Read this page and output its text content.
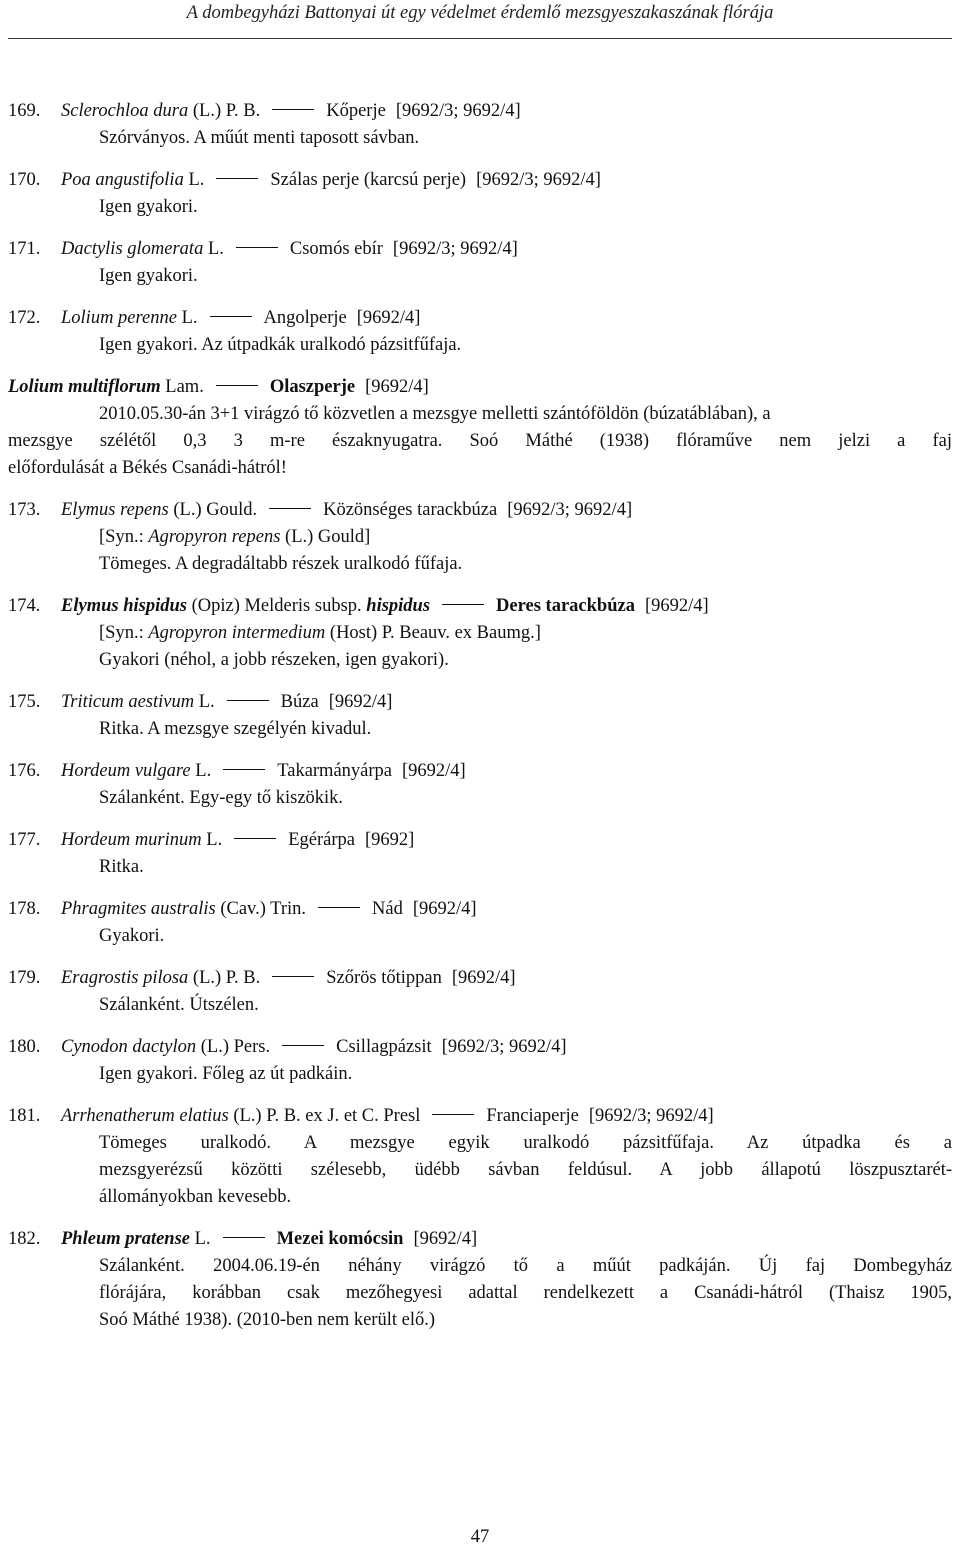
A dombegyházi Battonyai út egy védelmet érdemlő mezsgyeszakaszának flórája
169. Sclerochloa dura (L.) P. B.	Kőperje [9692/3; 9692/4]
Szórványos. A műút menti taposott sávban.
170. Poa angustifolia L.	Szálas perje (karcsú perje) [9692/3; 9692/4]
Igen gyakori.
171. Dactylis glomerata L.	Csomós ebír [9692/3; 9692/4]
Igen gyakori.
172. Lolium perenne L.	Angolperje [9692/4]
Igen gyakori. Az útpadkák uralkodó pázsitfűfaja.
Lolium multiflorum Lam.	Olaszperje [9692/4]
2010.05.30-án 3+1 virágzó tő közvetlen a mezsgye melletti szántóföldön (búzatáblában), a
mezsgye szélétől 0,3 3 m-re északnyugatra. Soó Máthé (1938) flóraműve nem jelzi a faj
előfordulását a Békés Csanádi-hátról!
173. Elymus repens (L.) Gould.	Közönséges tarackbúza [9692/3; 9692/4]
[Syn.: Agropyron repens (L.) Gould]
Tömeges. A degradáltabb részek uralkodó fűfaja.
174. Elymus hispidus (Opiz) Melderis subsp. hispidus	Deres tarackbúza [9692/4]
[Syn.: Agropyron intermedium (Host) P. Beauv. ex Baumg.]
Gyakori (néhol, a jobb részeken, igen gyakori).
175. Triticum aestivum L.	Búza [9692/4]
Ritka. A mezsgye szegélyén kivadul.
176. Hordeum vulgare L.	Takarmányárpa [9692/4]
Szálanként. Egy-egy tő kiszökik.
177. Hordeum murinum L.	Egérárpa [9692]
Ritka.
178. Phragmites australis (Cav.) Trin.	Nád [9692/4]
Gyakori.
179. Eragrostis pilosa (L.) P. B.	Szőrös tőtippan [9692/4]
Szálanként. Útszélen.
180. Cynodon dactylon (L.) Pers.	Csillagpázsit [9692/3; 9692/4]
Igen gyakori. Főleg az út padkáin.
181. Arrhenatherum elatius (L.) P. B. ex J. et C. Presl	Franciaperje [9692/3; 9692/4]
Tömeges uralkodó. A mezsgye egyik uralkodó pázsitfűfaja. Az útpadka és a
mezsgyerézsű közötti szélesebb, üdébb sávban feldúsul. A jobb állapotú löszpusztarét-
állományokban kevesebb.
182. Phleum pratense L.	Mezei komócsin [9692/4]
Szálanként. 2004.06.19-én néhány virágzó tő a műút padkáján. Új faj Dombegyház
flórájára, korábban csak mezőhegyesi adattal rendelkezett a Csanádi-hátról (Thaisz 1905,
Soó Máthé 1938). (2010-ben nem került elő.)
47
